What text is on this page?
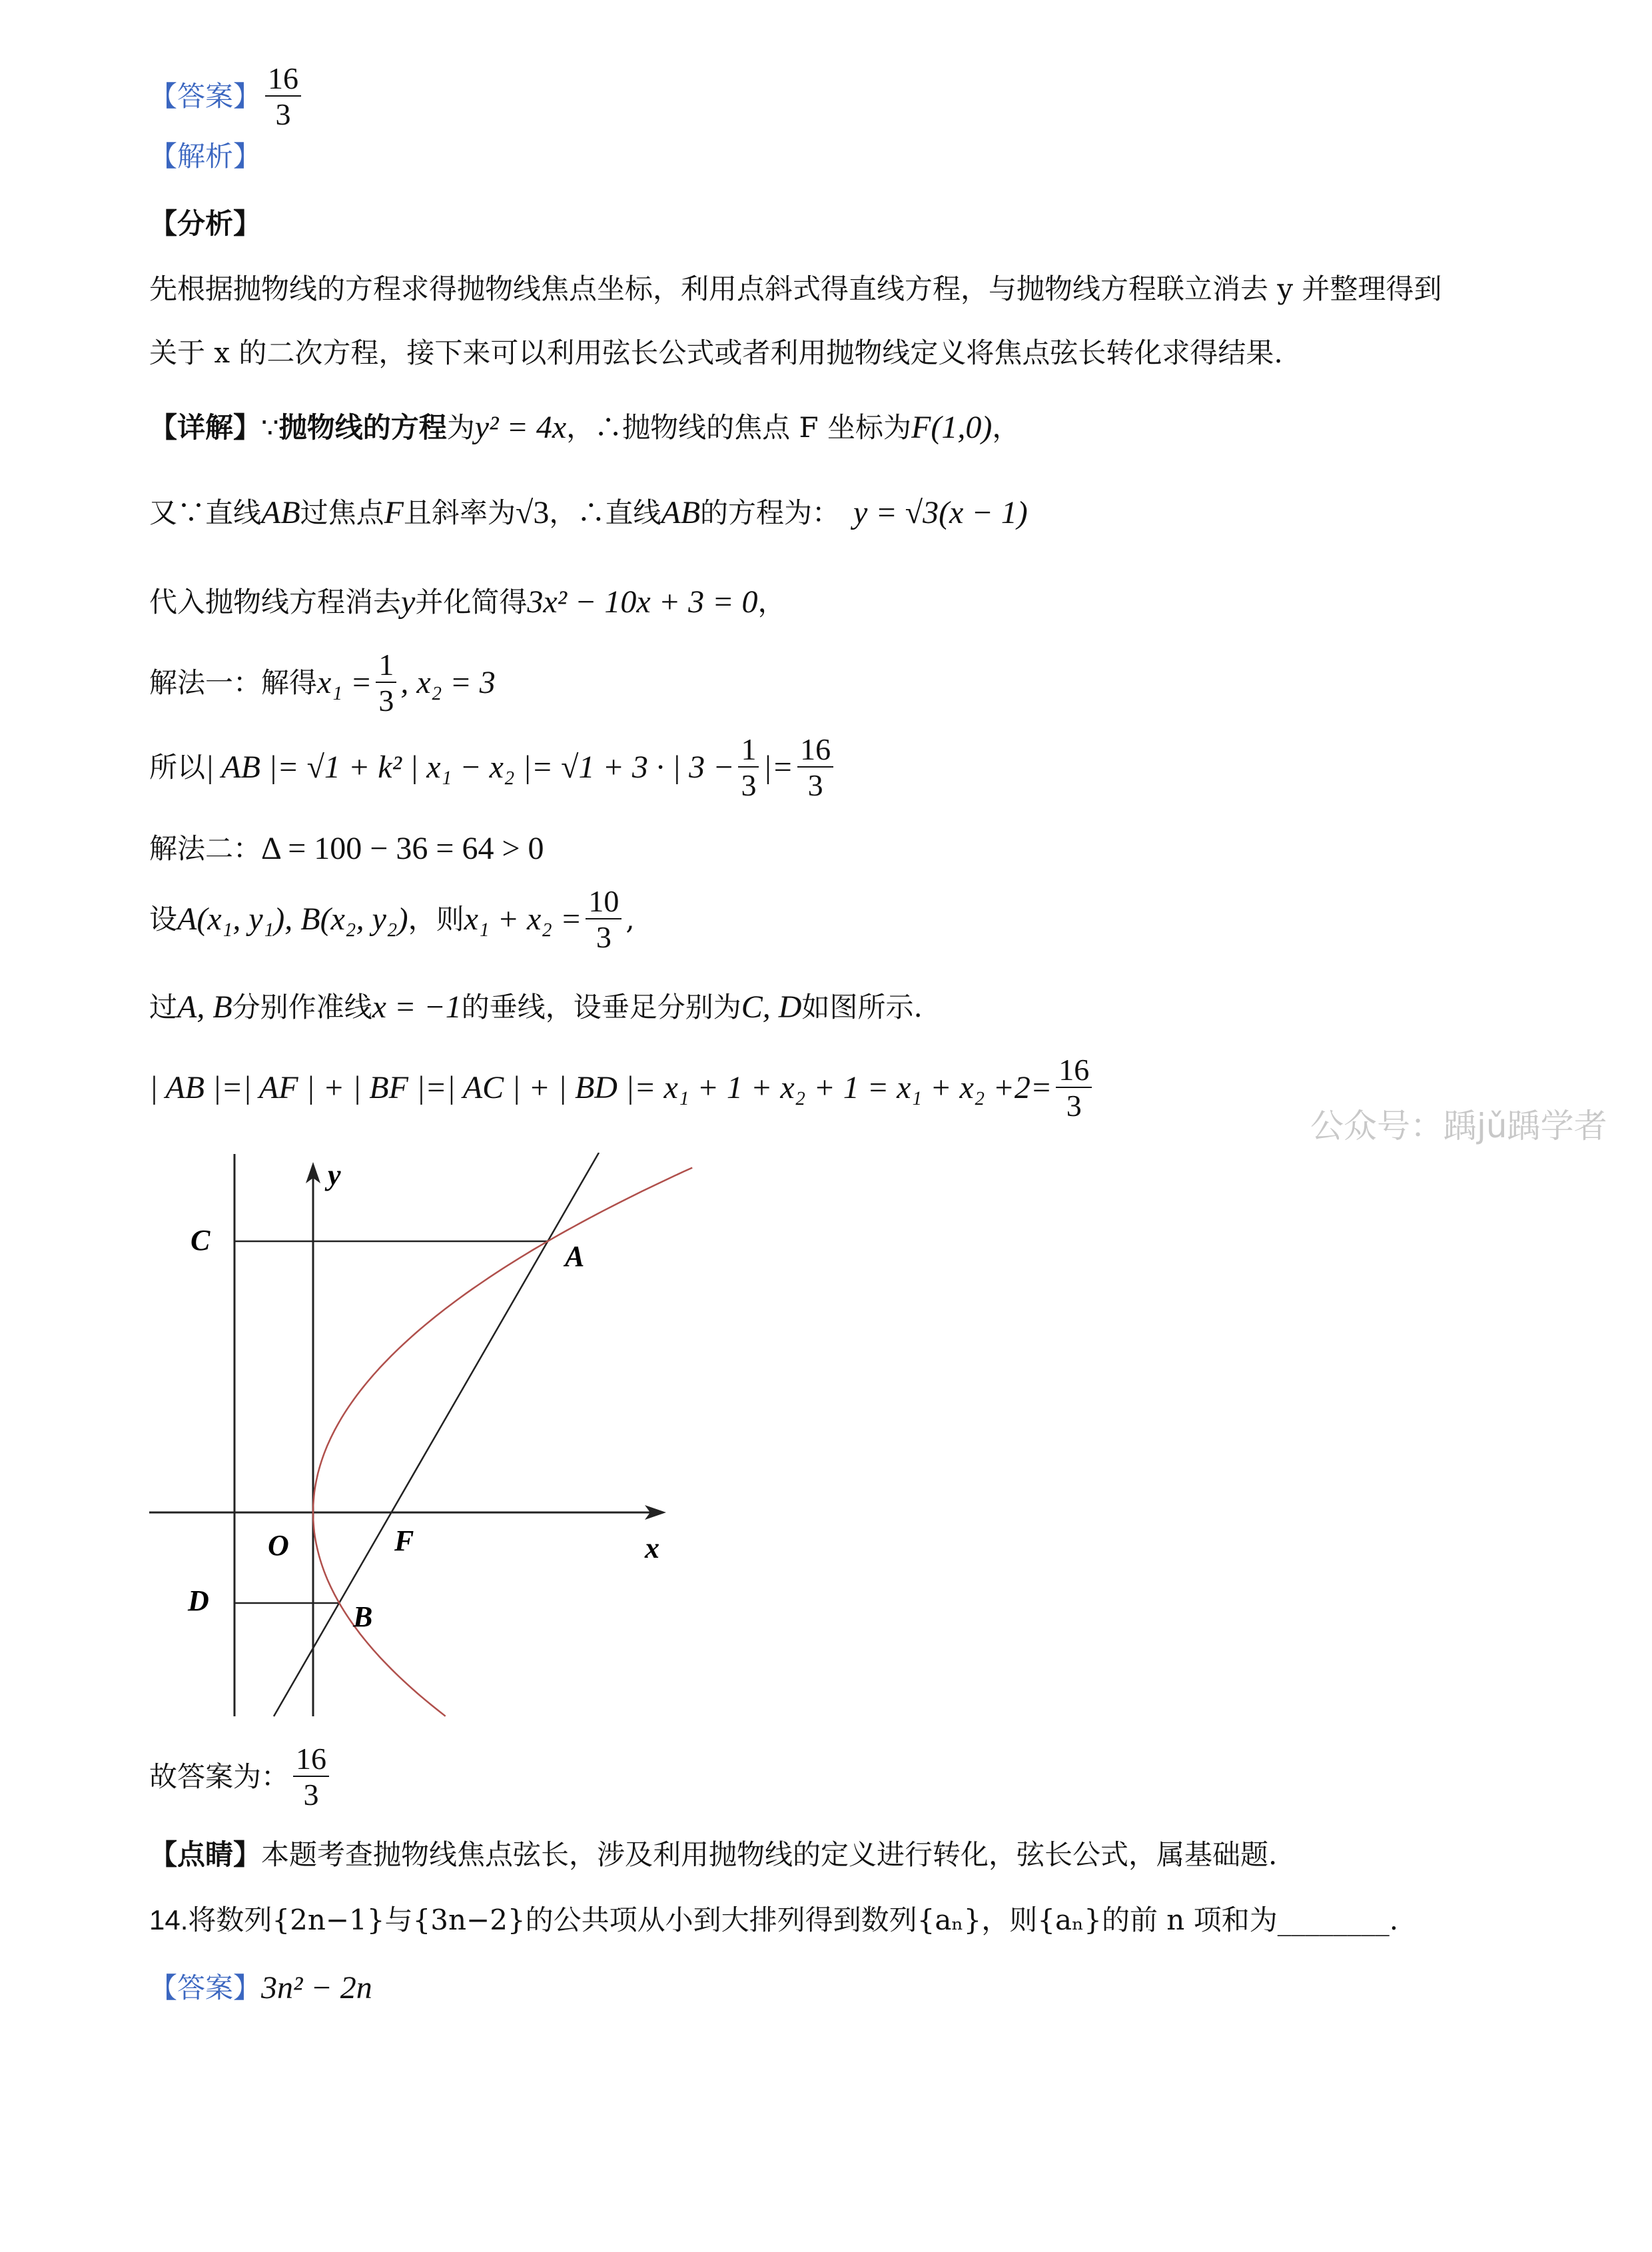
【答案】 $\frac{16}{3}$
【解析】
【分析】
先根据抛物线的方程求得抛物线焦点坐标，利用点斜式得直线方程，与抛物线方程联立消去 y 并整理得到
关于 x 的二次方程，接下来可以利用弦长公式或者利用抛物线定义将焦点弦长转化求得结果.
【详解】 ∵ 抛物线的方程 为 y² = 4x ，∴抛物线的焦点 F 坐标为 F(1,0) ，
又∵直线 AB 过焦点 F 且斜率为 √3 ，∴直线 AB 的方程为： y = √3(x − 1)
代入抛物线方程消去 y 并化简得 3x² − 10x + 3 = 0 ，
解法一：解得 $x_1 = \frac{1}{3}$ , x₂ = 3
所以 | AB |= √1 + k² | x₁ − x₂ |= √1 + 3 · | $3 - \frac{1}{3}$ |= $\frac{16}{3}$
解法二： Δ = 100 − 36 = 64 > 0
设 A(x₁, y₁), B(x₂, y₂) ，则 $x_1 + x_2 = \frac{10}{3}$ ,
过 A, B 分别作准线 x = −1 的垂线，设垂足分别为 C, D 如图所示.
| AB |=| AF | + | BF |=| AC | + | BD |= $x_1 + 1 + x_2 + 1 = x_1 + x_2 +2= \frac{16}{3}$
公众号：踽jǔ踽学者
C	A
O	F	x
D	B
y
故答案为： $\frac{16}{3}$
【点睛】 本题考查抛物线焦点弦长，涉及利用抛物线的定义进行转化，弦长公式，属基础题.
14. 将数列{2n−1}与{3n−2}的公共项从小到大排列得到数列{aₙ}，则{aₙ}的前 n 项和为________.
【答案】 3n² − 2n
